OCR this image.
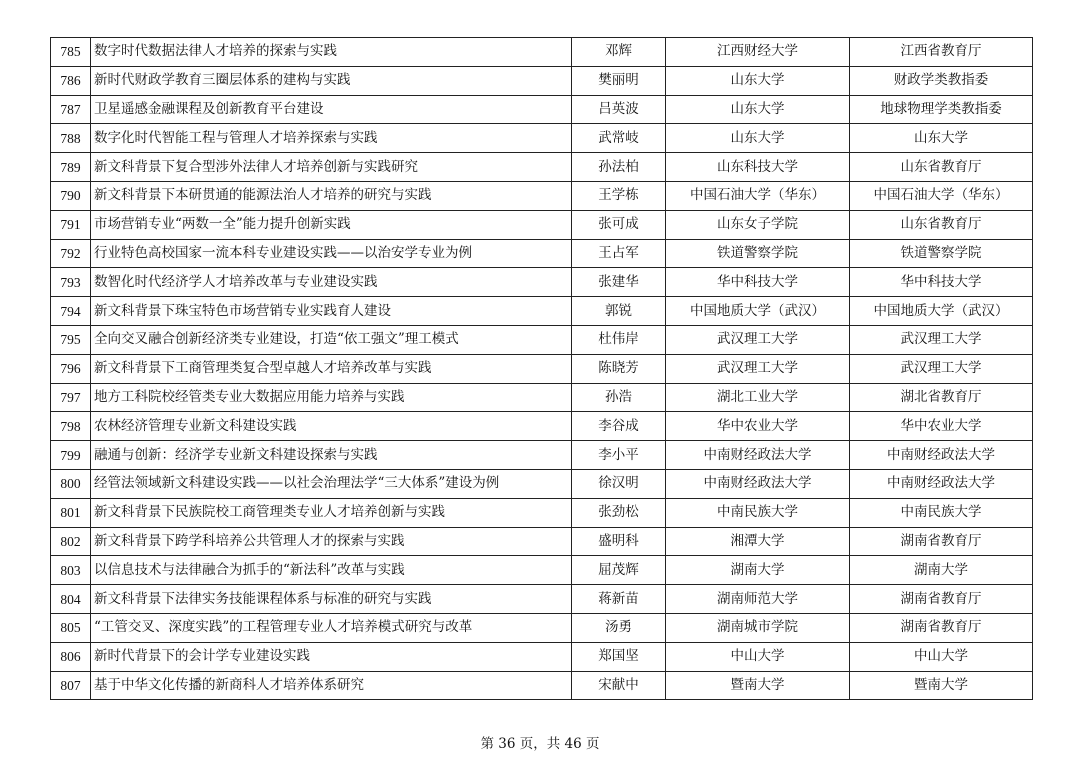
785	数字时代数据法律人才培养的探索与实践	邓辉	江西财经大学	江西省教育厅
786	新时代财政学教育三圈层体系的建构与实践	樊丽明	山东大学	财政学类教指委
787	卫星遥感金融课程及创新教育平台建设	吕英波	山东大学	地球物理学类教指委
788	数字化时代智能工程与管理人才培养探索与实践	武常岐	山东大学	山东大学
789	新文科背景下复合型涉外法律人才培养创新与实践研究	孙法柏	山东科技大学	山东省教育厅
790	新文科背景下本研贯通的能源法治人才培养的研究与实践	王学栋	中国石油大学（华东）	中国石油大学（华东）
791	市场营销专业“两数一全”能力提升创新实践	张可成	山东女子学院	山东省教育厅
792	行业特色高校国家一流本科专业建设实践——以治安学专业为例	王占军	铁道警察学院	铁道警察学院
793	数智化时代经济学人才培养改革与专业建设实践	张建华	华中科技大学	华中科技大学
794	新文科背景下珠宝特色市场营销专业实践育人建设	郭锐	中国地质大学（武汉）	中国地质大学（武汉）
795	全向交叉融合创新经济类专业建设，打造“依工强文”理工模式	杜伟岸	武汉理工大学	武汉理工大学
796	新文科背景下工商管理类复合型卓越人才培养改革与实践	陈晓芳	武汉理工大学	武汉理工大学
797	地方工科院校经管类专业大数据应用能力培养与实践	孙浩	湖北工业大学	湖北省教育厅
798	农林经济管理专业新文科建设实践	李谷成	华中农业大学	华中农业大学
799	融通与创新：经济学专业新文科建设探索与实践	李小平	中南财经政法大学	中南财经政法大学
800	经管法领域新文科建设实践——以社会治理法学“三大体系”建设为例	徐汉明	中南财经政法大学	中南财经政法大学
801	新文科背景下民族院校工商管理类专业人才培养创新与实践	张劲松	中南民族大学	中南民族大学
802	新文科背景下跨学科培养公共管理人才的探索与实践	盛明科	湘潭大学	湖南省教育厅
803	以信息技术与法律融合为抓手的“新法科”改革与实践	屈茂辉	湖南大学	湖南大学
804	新文科背景下法律实务技能课程体系与标准的研究与实践	蒋新苗	湖南师范大学	湖南省教育厅
805	“工管交叉、深度实践”的工程管理专业人才培养模式研究与改革	汤勇	湖南城市学院	湖南省教育厅
806	新时代背景下的会计学专业建设实践	郑国坚	中山大学	中山大学
807	基于中华文化传播的新商科人才培养体系研究	宋献中	暨南大学	暨南大学
第 36 页，共 46 页
